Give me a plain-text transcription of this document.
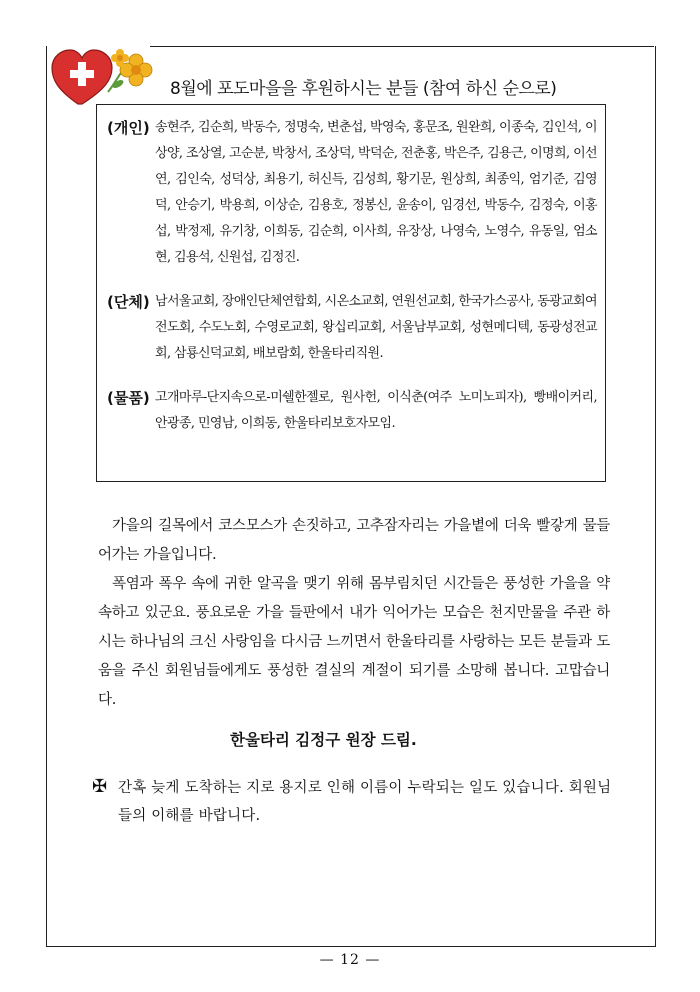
8월에 포도마을을 후원하시는 분들 (참여 하신 순으로)
(개인) 송현주, 김순희, 박동수, 정명숙, 변춘섭, 박영숙, 홍문조, 원완희, 이종숙, 김인석, 이상양, 조상열, 고순분, 박창서, 조상덕, 박덕순, 전춘홍, 박은주, 김용근, 이명희, 이선연, 김인숙, 성덕상, 최용기, 허신득, 김성희, 황기문, 원상희, 최종익, 엄기준, 김영덕, 안승기, 박용희, 이상순, 김용호, 정봉신, 윤송이, 임경선, 박동수, 김정숙, 이홍섭, 박정제, 유기창, 이희동, 김순희, 이사희, 유장상, 나영숙, 노영수, 유동일, 엄소현, 김용석, 신원섭, 김정진.
(단체) 남서울교회, 장애인단체연합회, 시온소교회, 연원선교회, 한국가스공사, 동광교회여전도회, 수도노회, 수영로교회, 왕십리교회, 서울남부교회, 성현메디텍, 동광성전교회, 삼룡신덕교회, 배보람회, 한울타리직원.
(물품) 고개마루-단지속으로-미쉘한젤로, 원사헌, 이식춘(여주 노미노피자), 빵배이커리, 안광종, 민영남, 이희동, 한울타리보호자모임.

가을의 길목에서 코스모스가 손짓하고, 고추잠자리는 가을볕에 더욱 빨갛게 물들어가는 가을입니다.

폭염과 폭우 속에 귀한 알곡을 맺기 위해 몸부림치던 시간들은 풍성한 가을을 약속하고 있군요. 풍요로운 가을 들판에서 내가 익어가는 모습은 천지만물을 주관 하시는 하나님의 크신 사랑임을 다시금 느끼면서 한울타리를 사랑하는 모든 분들과 도움을 주신 회원님들에게도 풍성한 결실의 계절이 되기를 소망해 봅니다. 고맙습니다.

한울타리 김정구 원장 드림.
✠ 간혹 늦게 도착하는 지로 용지로 인해 이름이 누락되는 일도 있습니다. 회원님들의 이해를 바랍니다.
— 12 —
